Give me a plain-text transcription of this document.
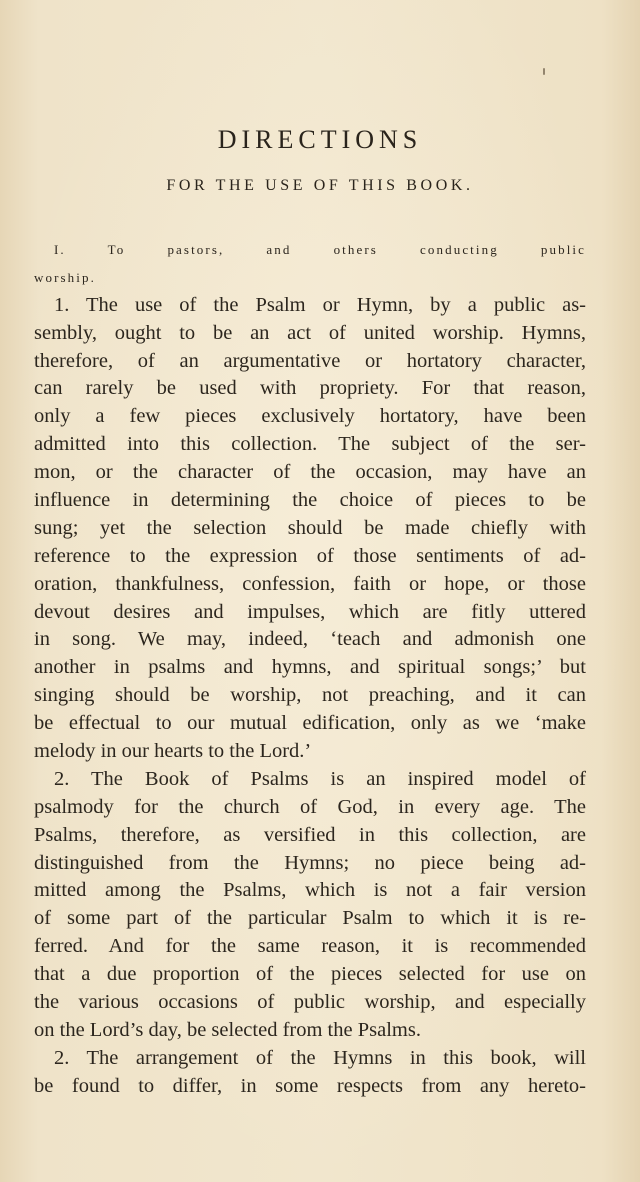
DIRECTIONS
FOR THE USE OF THIS BOOK.
I. To pastors, and others conducting public
worship.
1. The use of the Psalm or Hymn, by a public as-
sembly, ought to be an act of united worship. Hymns,
therefore, of an argumentative or hortatory character,
can rarely be used with propriety. For that reason,
only a few pieces exclusively hortatory, have been
admitted into this collection. The subject of the ser-
mon, or the character of the occasion, may have an
influence in determining the choice of pieces to be
sung; yet the selection should be made chiefly with
reference to the expression of those sentiments of ad-
oration, thankfulness, confession, faith or hope, or those
devout desires and impulses, which are fitly uttered
in song. We may, indeed, ‘teach and admonish one
another in psalms and hymns, and spiritual songs;’ but
singing should be worship, not preaching, and it can
be effectual to our mutual edification, only as we ‘make
melody in our hearts to the Lord.’
2. The Book of Psalms is an inspired model of
psalmody for the church of God, in every age. The
Psalms, therefore, as versified in this collection, are
distinguished from the Hymns; no piece being ad-
mitted among the Psalms, which is not a fair version
of some part of the particular Psalm to which it is re-
ferred. And for the same reason, it is recommended
that a due proportion of the pieces selected for use on
the various occasions of public worship, and especially
on the Lord’s day, be selected from the Psalms.
2. The arrangement of the Hymns in this book, will
be found to differ, in some respects from any hereto-
